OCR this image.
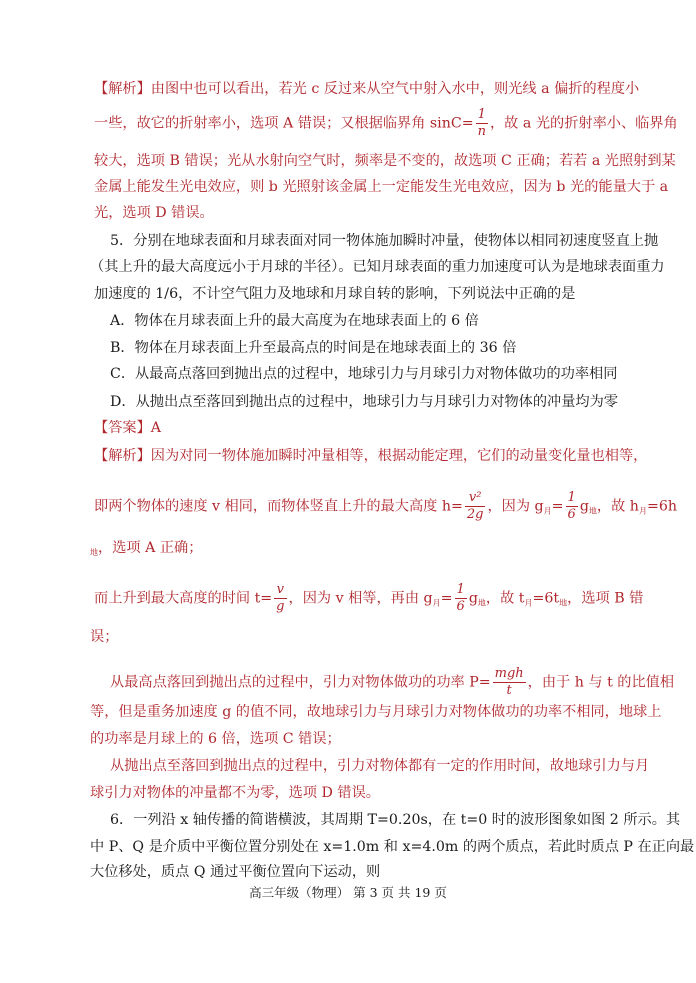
【解析】由图中也可以看出，若光 c 反过来从空气中射入水中，则光线 a 偏折的程度小
一些，故它的折射率小，选项 A 错误；又根据临界角 $\sin C= \frac{1}{n}$ ，故 a 光的折射率小、临界角
较大，选项 B 错误；光从水射向空气时，频率是不变的，故选项 C 正确；若若 a 光照射到某
金属上能发生光电效应，则 b 光照射该金属上一定能发生光电效应，因为 b 光的能量大于 a
光，选项 D 错误。
5．分别在地球表面和月球表面对同一物体施加瞬时冲量，使物体以相同初速度竖直上抛
（其上升的最大高度远小于月球的半径）。已知月球表面的重力加速度可认为是地球表面重力
加速度的 1/6，不计空气阻力及地球和月球自转的影响，下列说法中正确的是
A．物体在月球表面上升的最大高度为在地球表面上的 6 倍
B．物体在月球表面上升至最高点的时间是在地球表面上的 36 倍
C．从最高点落回到抛出点的过程中，地球引力与月球引力对物体做功的功率相同
D．从抛出点至落回到抛出点的过程中，地球引力与月球引力对物体的冲量均为零
【答案】A
【解析】因为对同一物体施加瞬时冲量相等，根据动能定理，它们的动量变化量也相等，
即两个物体的速度 v 相同，而物体竖直上升的最大高度 $h= \frac{\text{v²}}{2g}$ ，因为 $g_月= \frac{1}{6} g_地$，故 $h_月=6h$
$_地$，选项 A 正确；
而上升到最大高度的时间 $t= \frac{v}{g}$ ，因为 v 相等，再由 $g_月= \frac{1}{6} g_地$，故 $t_月=6t_地$，选项 B 错
误；
从最高点落回到抛出点的过程中，引力对物体做功的功率 $P= \frac{\text{mgh}}{t}$ ，由于 h 与 t 的比值相
等，但是重务加速度 g 的值不同，故地球引力与月球引力对物体做功的功率不相同，地球上
的功率是月球上的 6 倍，选项 C 错误；
从抛出点至落回到抛出点的过程中，引力对物体都有一定的作用时间，故地球引力与月
球引力对物体的冲量都不为零，选项 D 错误。
6．一列沿 x 轴传播的简谐横波，其周期 T=0.20s，在 t=0 时的波形图象如图 2 所示。其
中 P、Q 是介质中平衡位置分别处在 x=1.0m 和 x=4.0m 的两个质点，若此时质点 P 在正向最
大位移处，质点 Q 通过平衡位置向下运动，则
高三年级（物理） 第 3 页 共 19 页
